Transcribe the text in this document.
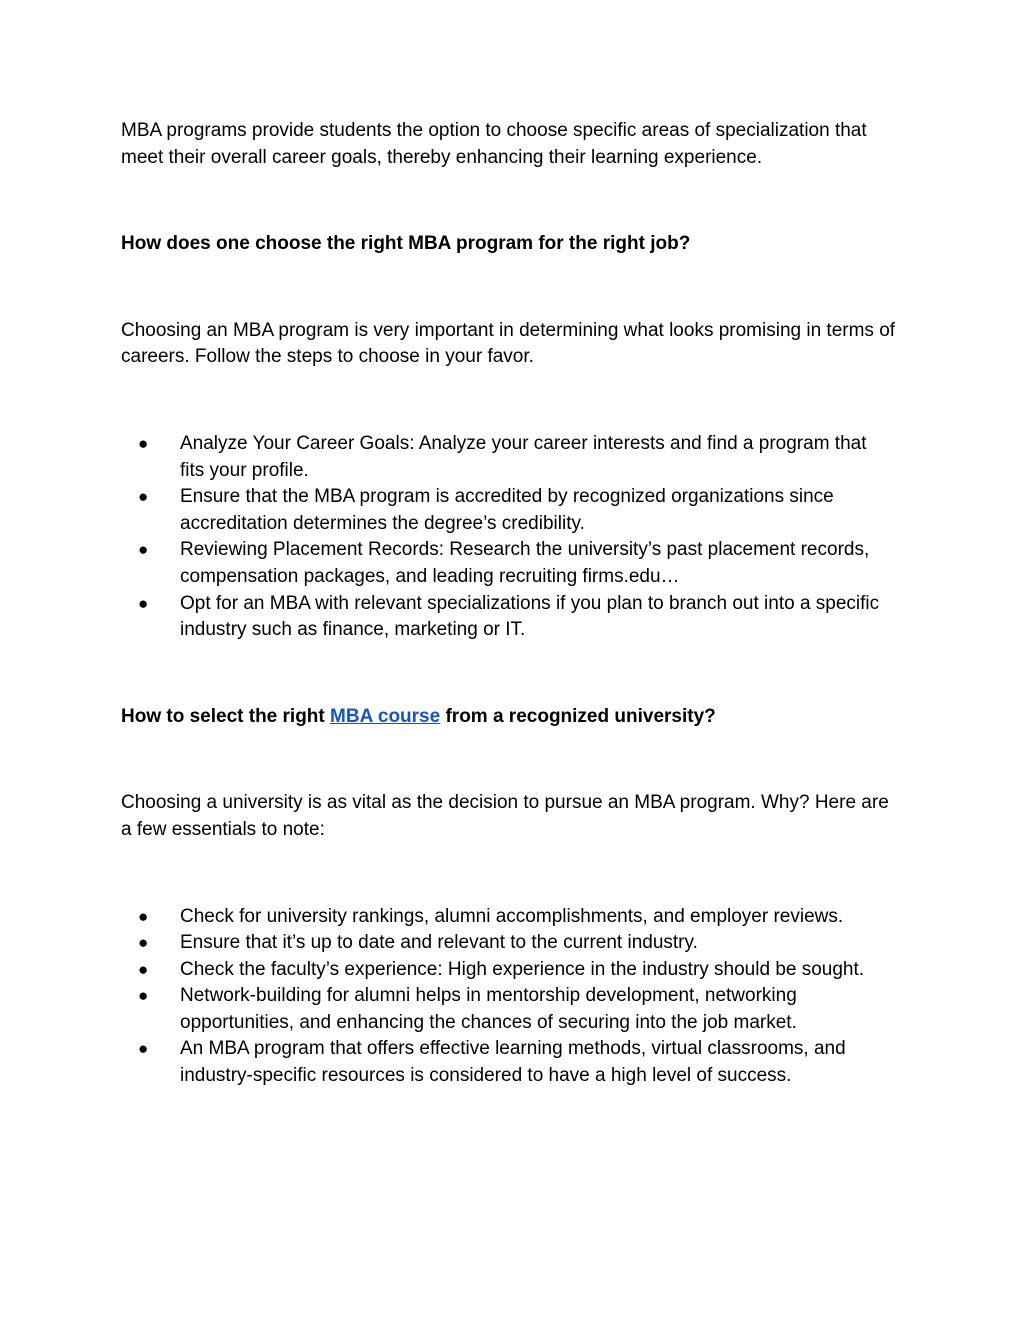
MBA programs provide students the option to choose specific areas of specialization that meet their overall career goals, thereby enhancing their learning experience.

How does one choose the right MBA program for the right job?

Choosing an MBA program is very important in determining what looks promising in terms of careers. Follow the steps to choose in your favor.

● Analyze Your Career Goals: Analyze your career interests and find a program that fits your profile.
● Ensure that the MBA program is accredited by recognized organizations since accreditation determines the degree’s credibility.
● Reviewing Placement Records: Research the university’s past placement records, compensation packages, and leading recruiting firms.edu…
● Opt for an MBA with relevant specializations if you plan to branch out into a specific industry such as finance, marketing or IT.

How to select the right MBA course from a recognized university?

Choosing a university is as vital as the decision to pursue an MBA program. Why? Here are a few essentials to note:

● Check for university rankings, alumni accomplishments, and employer reviews.
● Ensure that it’s up to date and relevant to the current industry.
● Check the faculty’s experience: High experience in the industry should be sought.
● Network-building for alumni helps in mentorship development, networking opportunities, and enhancing the chances of securing into the job market.
● An MBA program that offers effective learning methods, virtual classrooms, and industry-specific resources is considered to have a high level of success.
